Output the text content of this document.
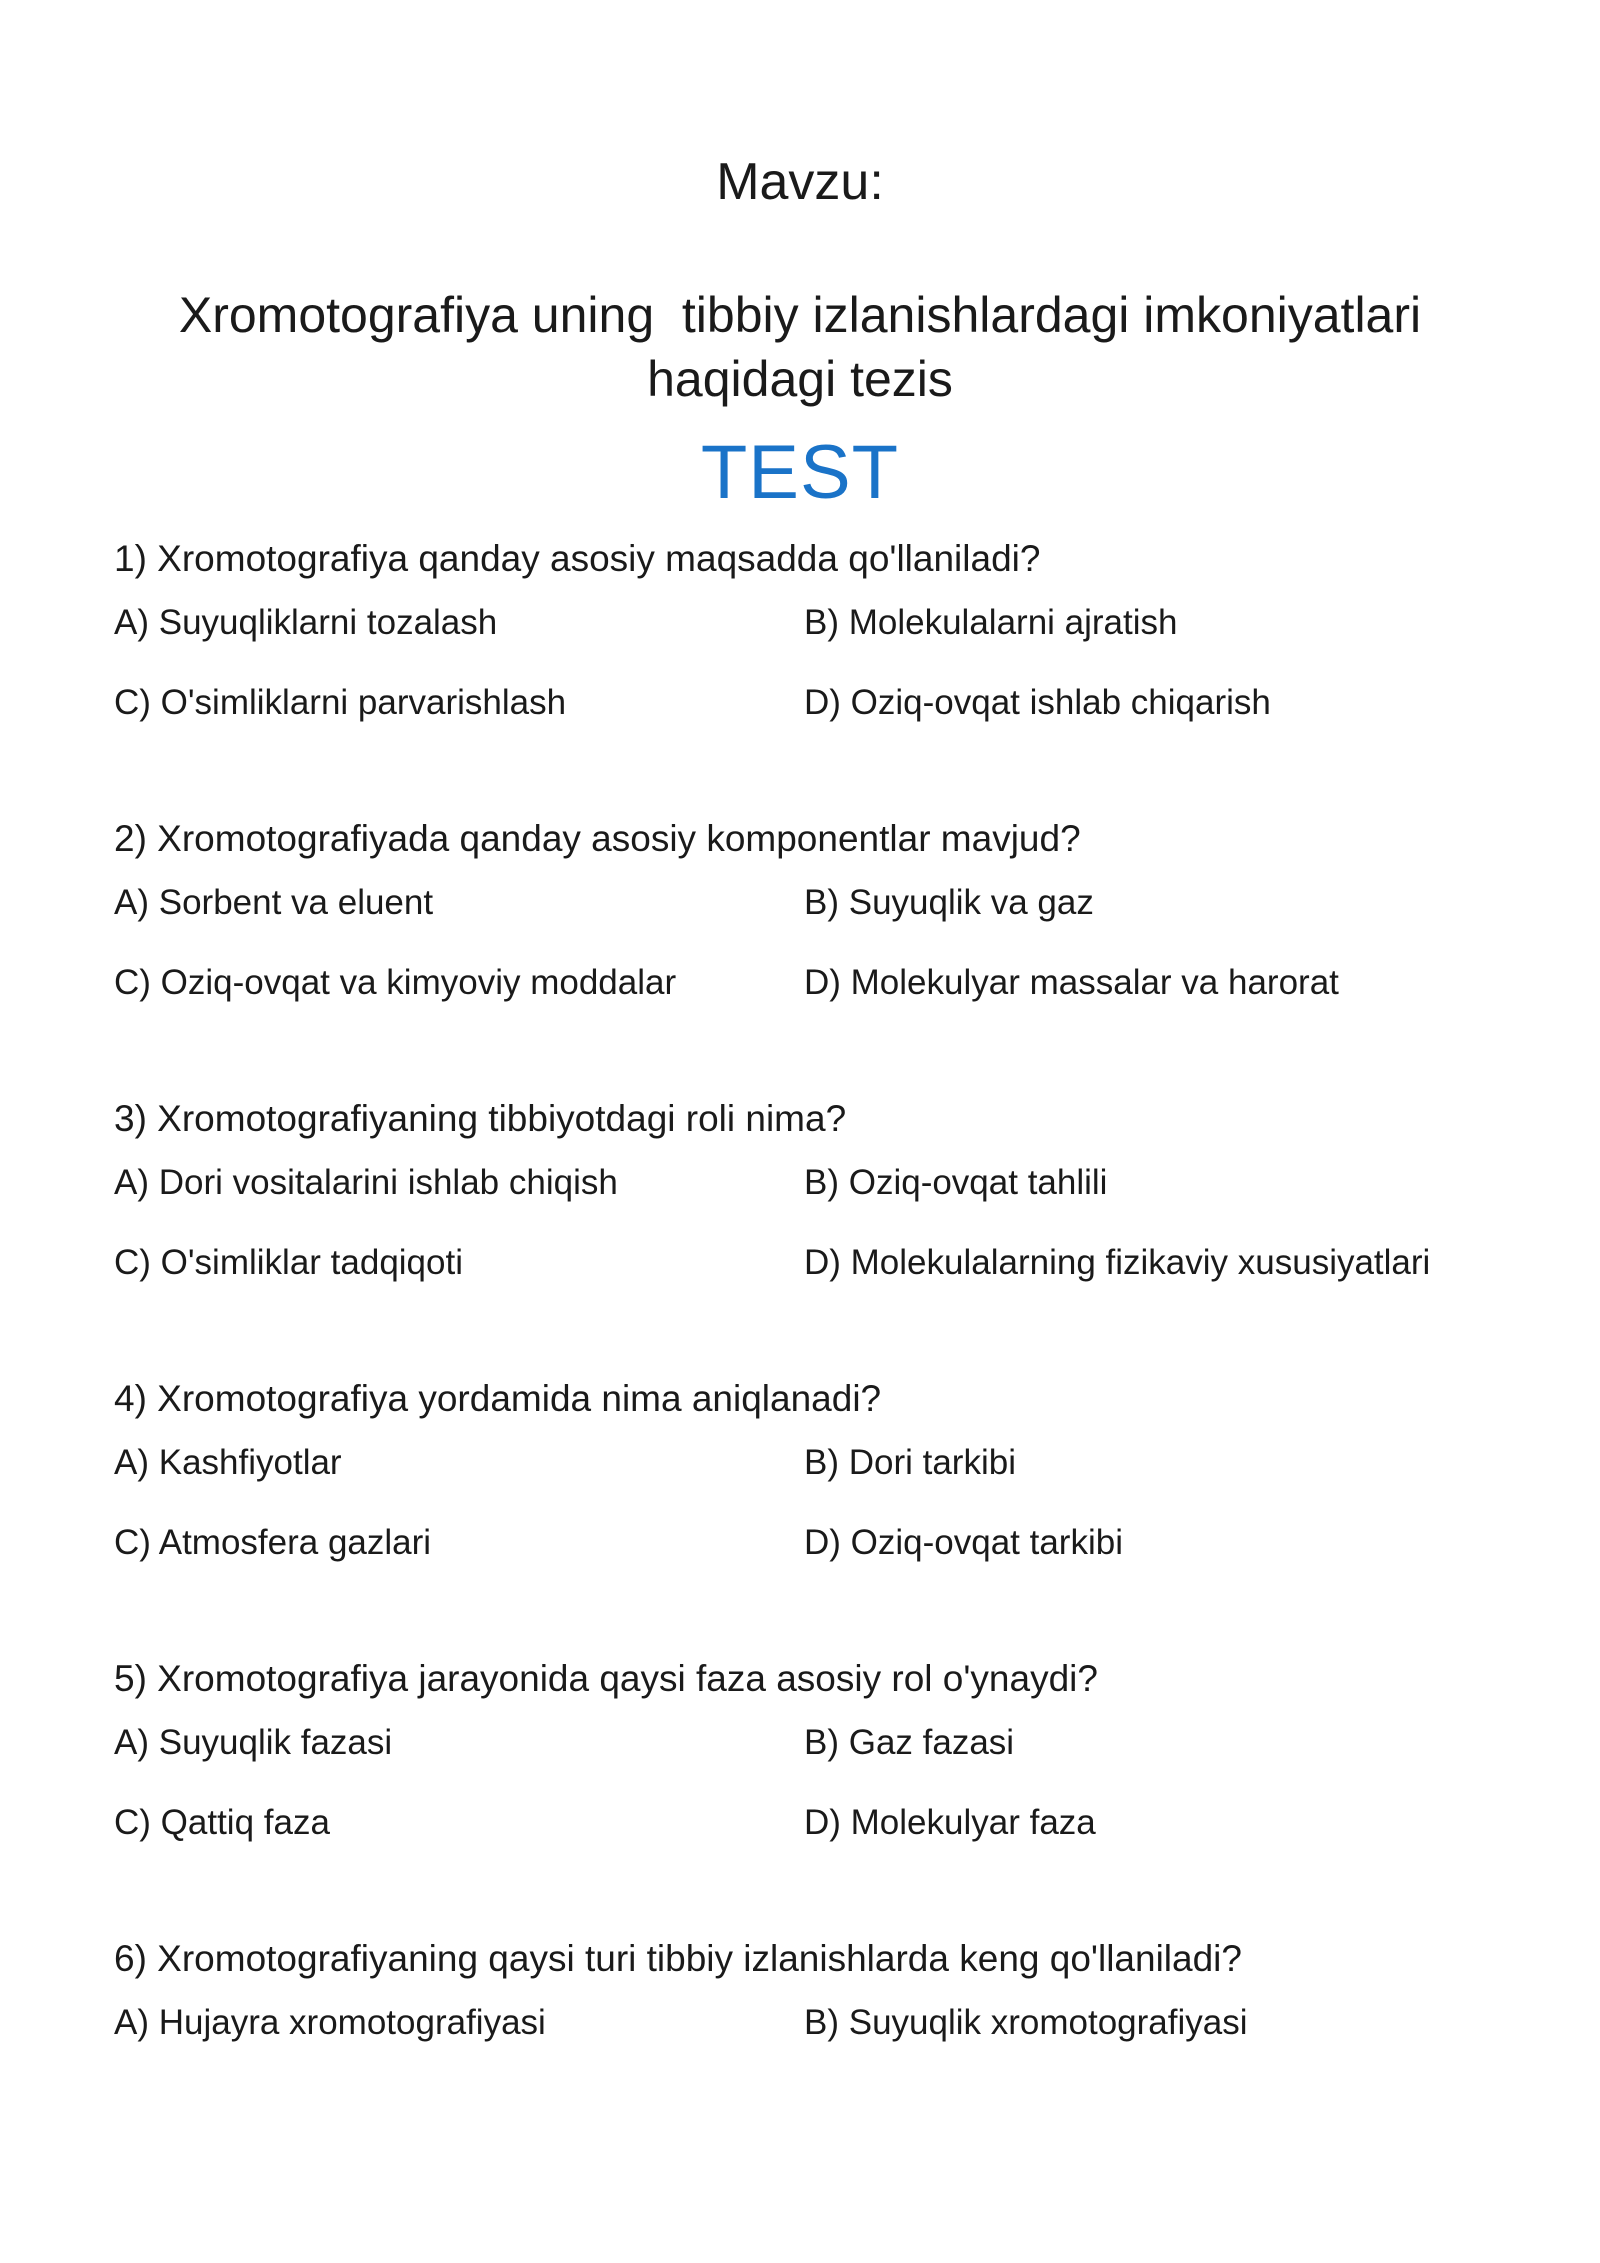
Mavzu:
Xromotografiya uning  tibbiy izlanishlardagi imkoniyatlari
haqidagi tezis
TEST
1) Xromotografiya qanday asosiy maqsadda qo'llaniladi?
A) Suyuqliklarni tozalash	B) Molekulalarni ajratish
C) O'simliklarni parvarishlash	D) Oziq-ovqat ishlab chiqarish
2) Xromotografiyada qanday asosiy komponentlar mavjud?
A) Sorbent va eluent	B) Suyuqlik va gaz
C) Oziq-ovqat va kimyoviy moddalar	D) Molekulyar massalar va harorat
3) Xromotografiyaning tibbiyotdagi roli nima?
A) Dori vositalarini ishlab chiqish	B) Oziq-ovqat tahlili
C) O'simliklar tadqiqoti	D) Molekulalarning fizikaviy xususiyatlari
4) Xromotografiya yordamida nima aniqlanadi?
A) Kashfiyotlar	B) Dori tarkibi
C) Atmosfera gazlari	D) Oziq-ovqat tarkibi
5) Xromotografiya jarayonida qaysi faza asosiy rol o'ynaydi?
A) Suyuqlik fazasi	B) Gaz fazasi
C) Qattiq faza	D) Molekulyar faza
6) Xromotografiyaning qaysi turi tibbiy izlanishlarda keng qo'llaniladi?
A) Hujayra xromotografiyasi	B) Suyuqlik xromotografiyasi
